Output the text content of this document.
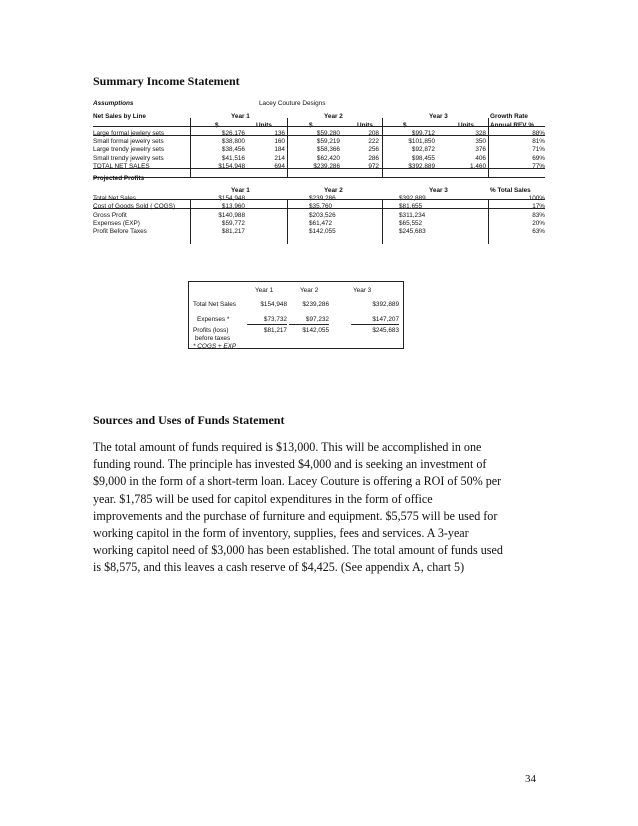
Summary Income Statement
Assumptions	Lacey Couture Designs
Net Sales by Line	Year 1	Year 2	Year 3	Growth Rate
$	Units	$	Units	$	Units	Annual REV %
Large formal jewlery sets	$26,176	136	$59,280	208	$99,712	328	88%
Small formal jewelry sets	$38,800	160	$59,219	222	$101,850	350	81%
Large trendy jewelry sets	$38,456	184	$58,366	256	$92,872	376	71%
Small trendy jewelry sets	$41,516	214	$62,420	286	$98,455	406	69%
TOTAL NET SALES	$154,948	694	$239,286	972	$392,889	1,460	77%
Projected Profits
Year 1	Year 2	Year 3	% Total Sales
Total Net Sales	$154,948	$239,286	$392,889	100%
Cost of Goods Sold ( COGS)	$13,960	$35,760	$81,655	17%
Gross Profit	$140,988	$203,526	$311,234	83%
Expenses (EXP)	$59,772	$61,472	$65,552	20%
Profit Before Taxes	$81,217	$142,055	$245,683	63%
Year 1	Year 2	Year 3
Total Net Sales	$154,948	$239,286	$392,889
Expenses *	$73,732	$97,232	$147,207
Profits (loss)
before taxes
$81,217	$142,055	$245,683
* COGS + EXP
Sources and Uses of Funds Statement
The total amount of funds required is $13,000. This will be accomplished in one
funding round. The principle has invested $4,000 and is seeking an investment of
$9,000 in the form of a short-term loan. Lacey Couture is offering a ROI of 50% per
year. $1,785 will be used for capitol expenditures in the form of office
improvements and the purchase of furniture and equipment. $5,575 will be used for
working capitol in the form of inventory, supplies, fees and services. A 3-year
working capitol need of $3,000 has been established. The total amount of funds used
is $8,575, and this leaves a cash reserve of $4,425. (See appendix A, chart 5)
34
